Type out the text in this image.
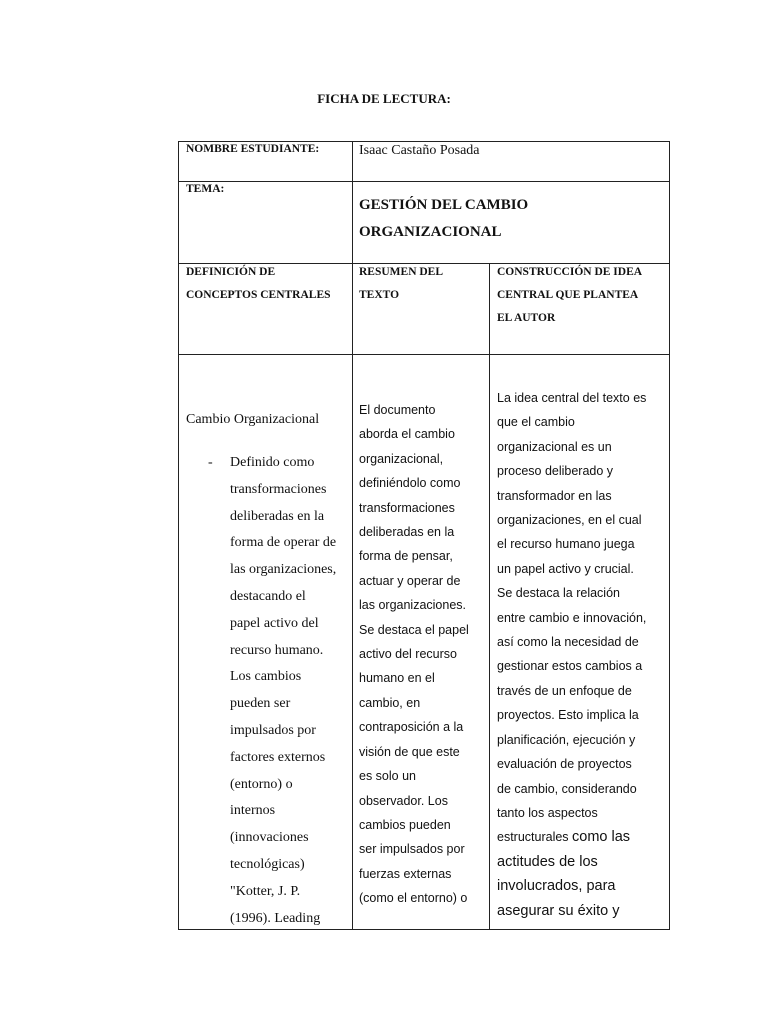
FICHA DE LECTURA:
NOMBRE ESTUDIANTE:	Isaac Castaño Posada
TEMA:
GESTIÓN DEL CAMBIO
ORGANIZACIONAL
DEFINICIÓN DE
CONCEPTOS CENTRALES
RESUMEN DEL
TEXTO
CONSTRUCCIÓN DE IDEA
CENTRAL QUE PLANTEA
EL AUTOR
Cambio Organizacional
- Definido como
transformaciones
deliberadas en la
forma de operar de
las organizaciones,
destacando el
papel activo del
recurso humano.
Los cambios
pueden ser
impulsados por
factores externos
(entorno) o
internos
(innovaciones
tecnológicas)
"Kotter, J. P.
(1996). Leading
El documento
aborda el cambio
organizacional,
definiéndolo como
transformaciones
deliberadas en la
forma de pensar,
actuar y operar de
las organizaciones.
Se destaca el papel
activo del recurso
humano en el
cambio, en
contraposición a la
visión de que este
es solo un
observador. Los
cambios pueden
ser impulsados por
fuerzas externas
(como el entorno) o
La idea central del texto es
que el cambio
organizacional es un
proceso deliberado y
transformador en las
organizaciones, en el cual
el recurso humano juega
un papel activo y crucial.
Se destaca la relación
entre cambio e innovación,
así como la necesidad de
gestionar estos cambios a
través de un enfoque de
proyectos. Esto implica la
planificación, ejecución y
evaluación de proyectos
de cambio, considerando
tanto los aspectos
estructurales como las
actitudes de los
involucrados, para
asegurar su éxito y
